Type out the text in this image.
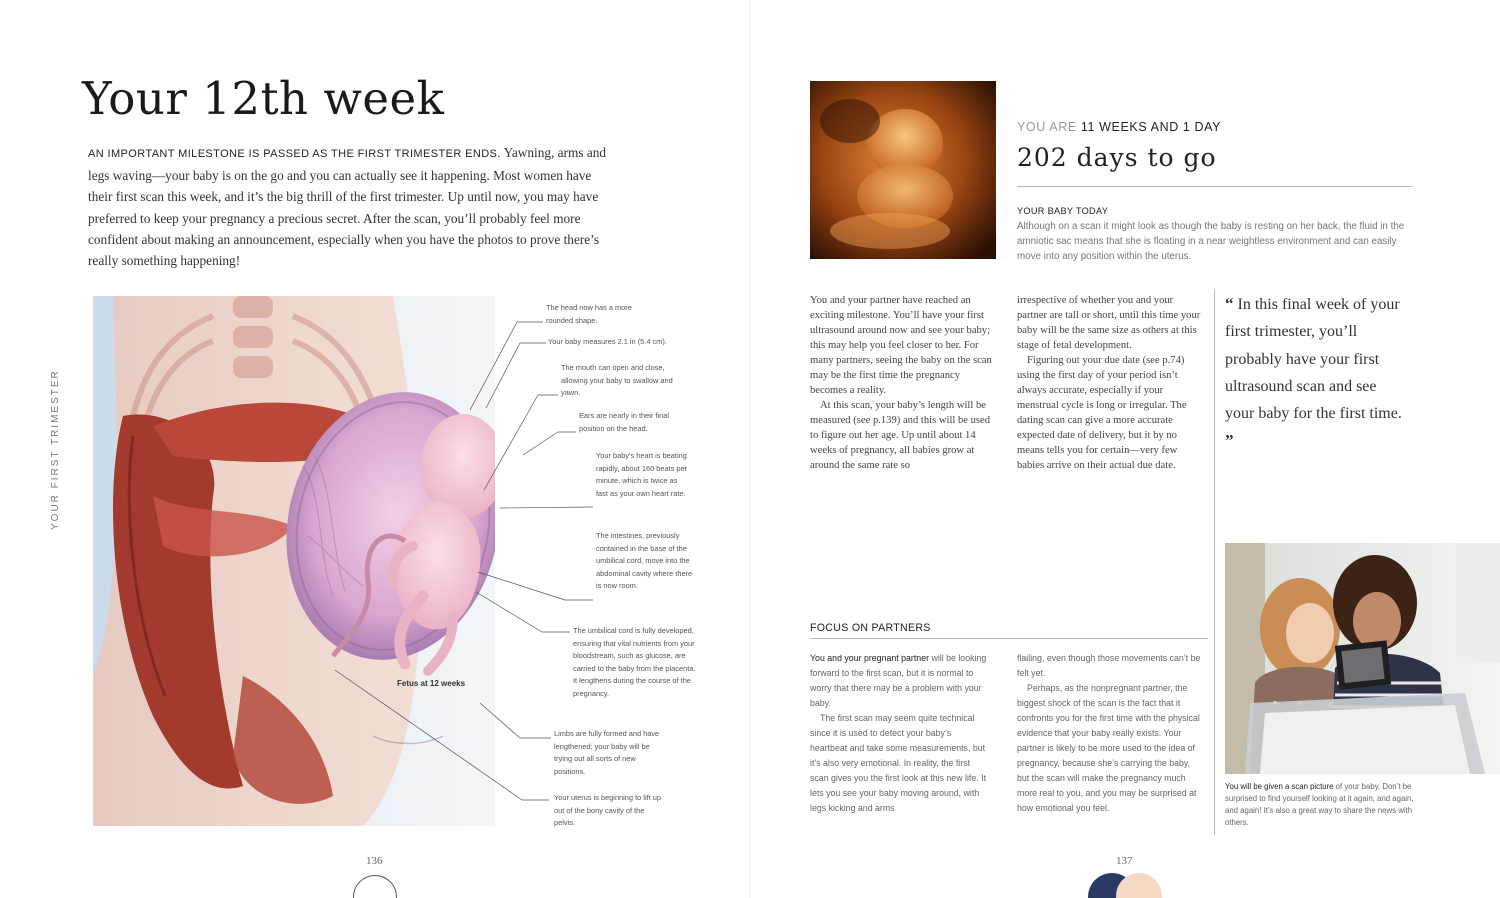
Your 12th week
AN IMPORTANT MILESTONE IS PASSED AS THE FIRST TRIMESTER ENDS. Yawning, arms and legs waving—your baby is on the go and you can actually see it happening. Most women have their first scan this week, and it’s the big thrill of the first trimester. Up until now, you may have preferred to keep your pregnancy a precious secret. After the scan, you’ll probably feel more confident about making an announcement, especially when you have the photos to prove there’s really something happening!
YOUR FIRST TRIMESTER
The head now has a more rounded shape.
Your baby measures 2.1 in (5.4 cm).
The mouth can open and close, allowing your baby to swallow and yawn.
Ears are nearly in their final position on the head.
Your baby’s heart is beating rapidly, about 160 beats per minute, which is twice as fast as your own heart rate.
The intestines, previously contained in the base of the umbilical cord, move into the abdominal cavity where there is now room.
The umbilical cord is fully developed, ensuring that vital nutrients from your bloodstream, such as glucose, are carried to the baby from the placenta. It lengthens during the course of the pregnancy.
Limbs are fully formed and have lengthened; your baby will be trying out all sorts of new positions.
Your uterus is beginning to lift up out of the bony cavity of the pelvis.
Fetus at 12 weeks
136
YOU ARE 11 WEEKS AND 1 DAY
202 days to go
YOUR BABY TODAY
Although on a scan it might look as though the baby is resting on her back, the fluid in the amniotic sac means that she is floating in a near weightless environment and can easily move into any position within the uterus.

You and your partner have reached an exciting milestone. You’ll have your first ultrasound around now and see your baby; this may help you feel closer to her. For many partners, seeing the baby on the scan may be the first time the pregnancy becomes a reality.

At this scan, your baby’s length will be measured (see p.139) and this will be used to figure out her age. Up until about 14 weeks of pregnancy, all babies grow at around the same rate so

irrespective of whether you and your partner are tall or short, until this time your baby will be the same size as others at this stage of fetal development.

Figuring out your due date (see p.74) using the first day of your period isn’t always accurate, especially if your menstrual cycle is long or irregular. The dating scan can give a more accurate expected date of delivery, but it by no means tells you for certain—very few babies arrive on their actual due date.

“ In this final week of your first trimester, you’ll probably have your first ultrasound scan and see your baby for the first time. ”
FOCUS ON PARTNERS

You and your pregnant partner will be looking forward to the first scan, but it is normal to worry that there may be a problem with your baby.

The first scan may seem quite technical since it is used to detect your baby’s heartbeat and take some measurements, but it’s also very emotional. In reality, the first scan gives you the first look at this new life. It lets you see your baby moving around, with legs kicking and arms

flailing, even though those movements can’t be felt yet.

Perhaps, as the nonpregnant partner, the biggest shock of the scan is the fact that it confronts you for the first time with the physical evidence that your baby really exists. Your partner is likely to be more used to the idea of pregnancy, because she’s carrying the baby, but the scan will make the pregnancy much more real to you, and you may be surprised at how emotional you feel.

You will be given a scan picture of your baby. Don’t be surprised to find yourself looking at it again, and again, and again! It’s also a great way to share the news with others.
137
